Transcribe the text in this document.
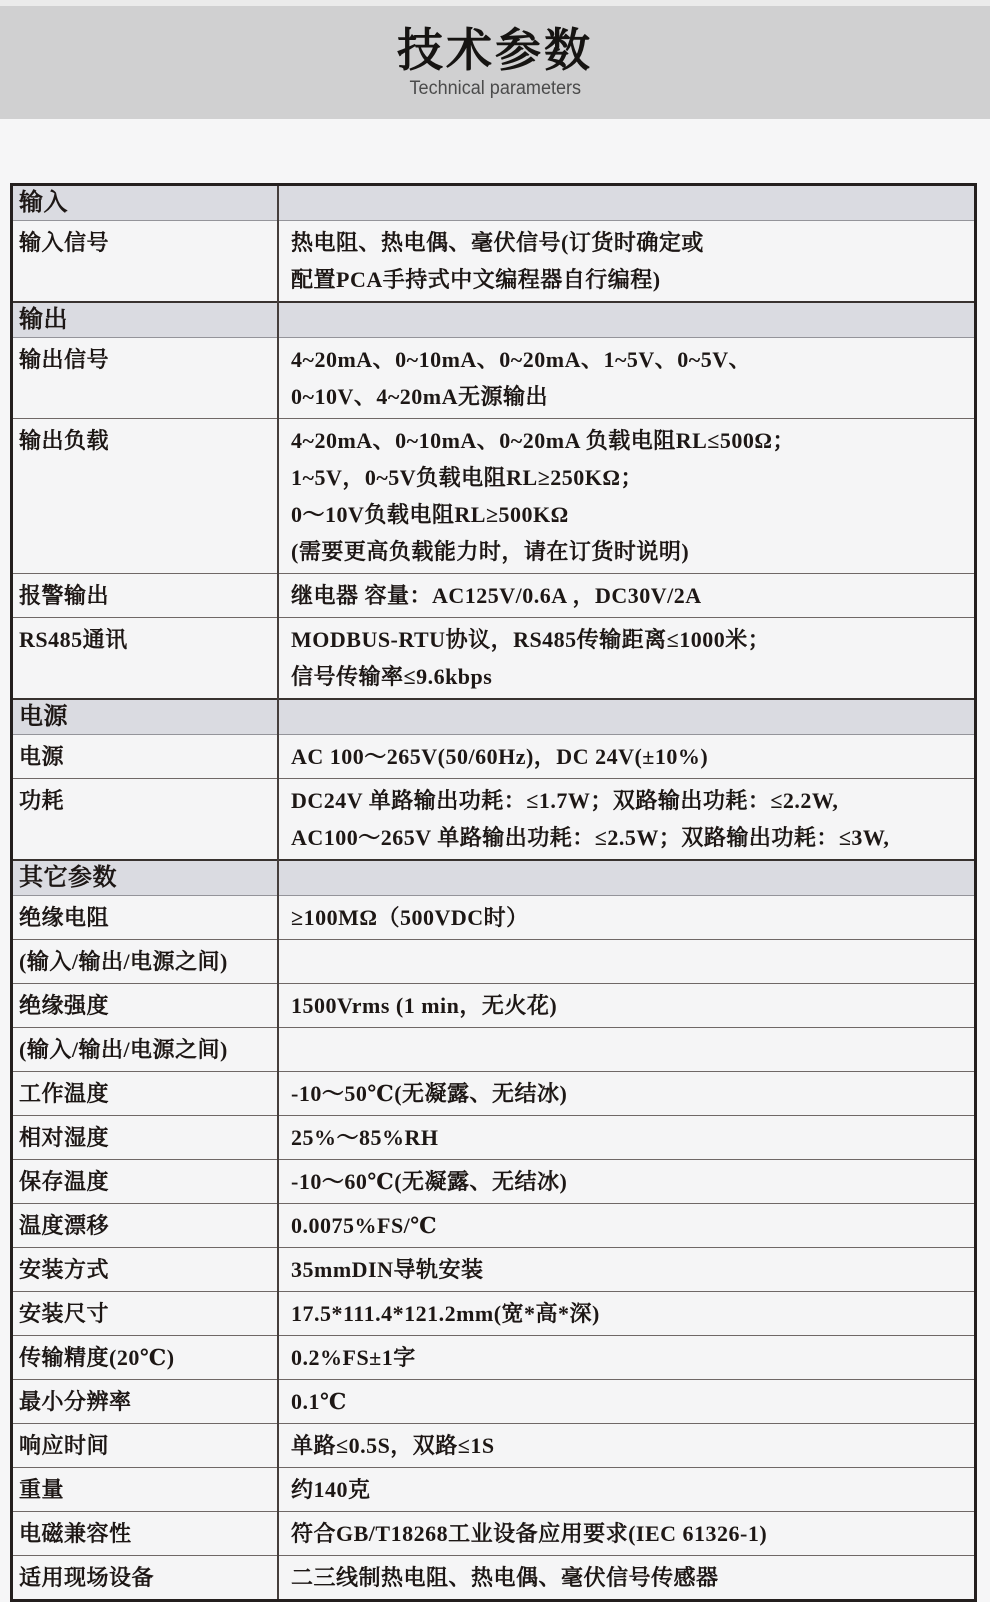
技术参数

Technical parameters

输入	
输入信号	热电阻、热电偶、毫伏信号(订货时确定或
配置PCA手持式中文编程器自行编程)

输出	
输出信号	4~20mA、0~10mA、0~20mA、1~5V、0~5V、
0~10V、4~20mA无源输出

输出负载	4~20mA、0~10mA、0~20mA 负载电阻RL≤500Ω；
1~5V，0~5V负载电阻RL≥250KΩ；
0～10V负载电阻RL≥500KΩ
(需要更高负载能力时，请在订货时说明)

报警输出	继电器 容量：AC125V/0.6A ，DC30V/2A

RS485通讯	MODBUS-RTU协议，RS485传输距离≤1000米；
信号传输率≤9.6kbps

电源	
电源	AC 100～265V(50/60Hz)，DC 24V(±10%)

功耗	DC24V 单路输出功耗：≤1.7W；双路输出功耗：≤2.2W,
AC100～265V 单路输出功耗：≤2.5W；双路输出功耗：≤3W,

其它参数	
绝缘电阻	≥100MΩ（500VDC时）

(输入/输出/电源之间)	

绝缘强度	1500Vrms (1 min，无火花)

(输入/输出/电源之间)	

工作温度	-10～50℃(无凝露、无结冰)

相对湿度	25%～85%RH

保存温度	-10～60℃(无凝露、无结冰)

温度漂移	0.0075%FS/℃

安装方式	35mmDIN导轨安装

安装尺寸	17.5*111.4*121.2mm(宽*高*深)

传输精度(20℃)	0.2%FS±1字

最小分辨率	0.1℃

响应时间	单路≤0.5S，双路≤1S

重量	约140克

电磁兼容性	符合GB/T18268工业设备应用要求(IEC 61326-1)

适用现场设备	二三线制热电阻、热电偶、毫伏信号传感器
